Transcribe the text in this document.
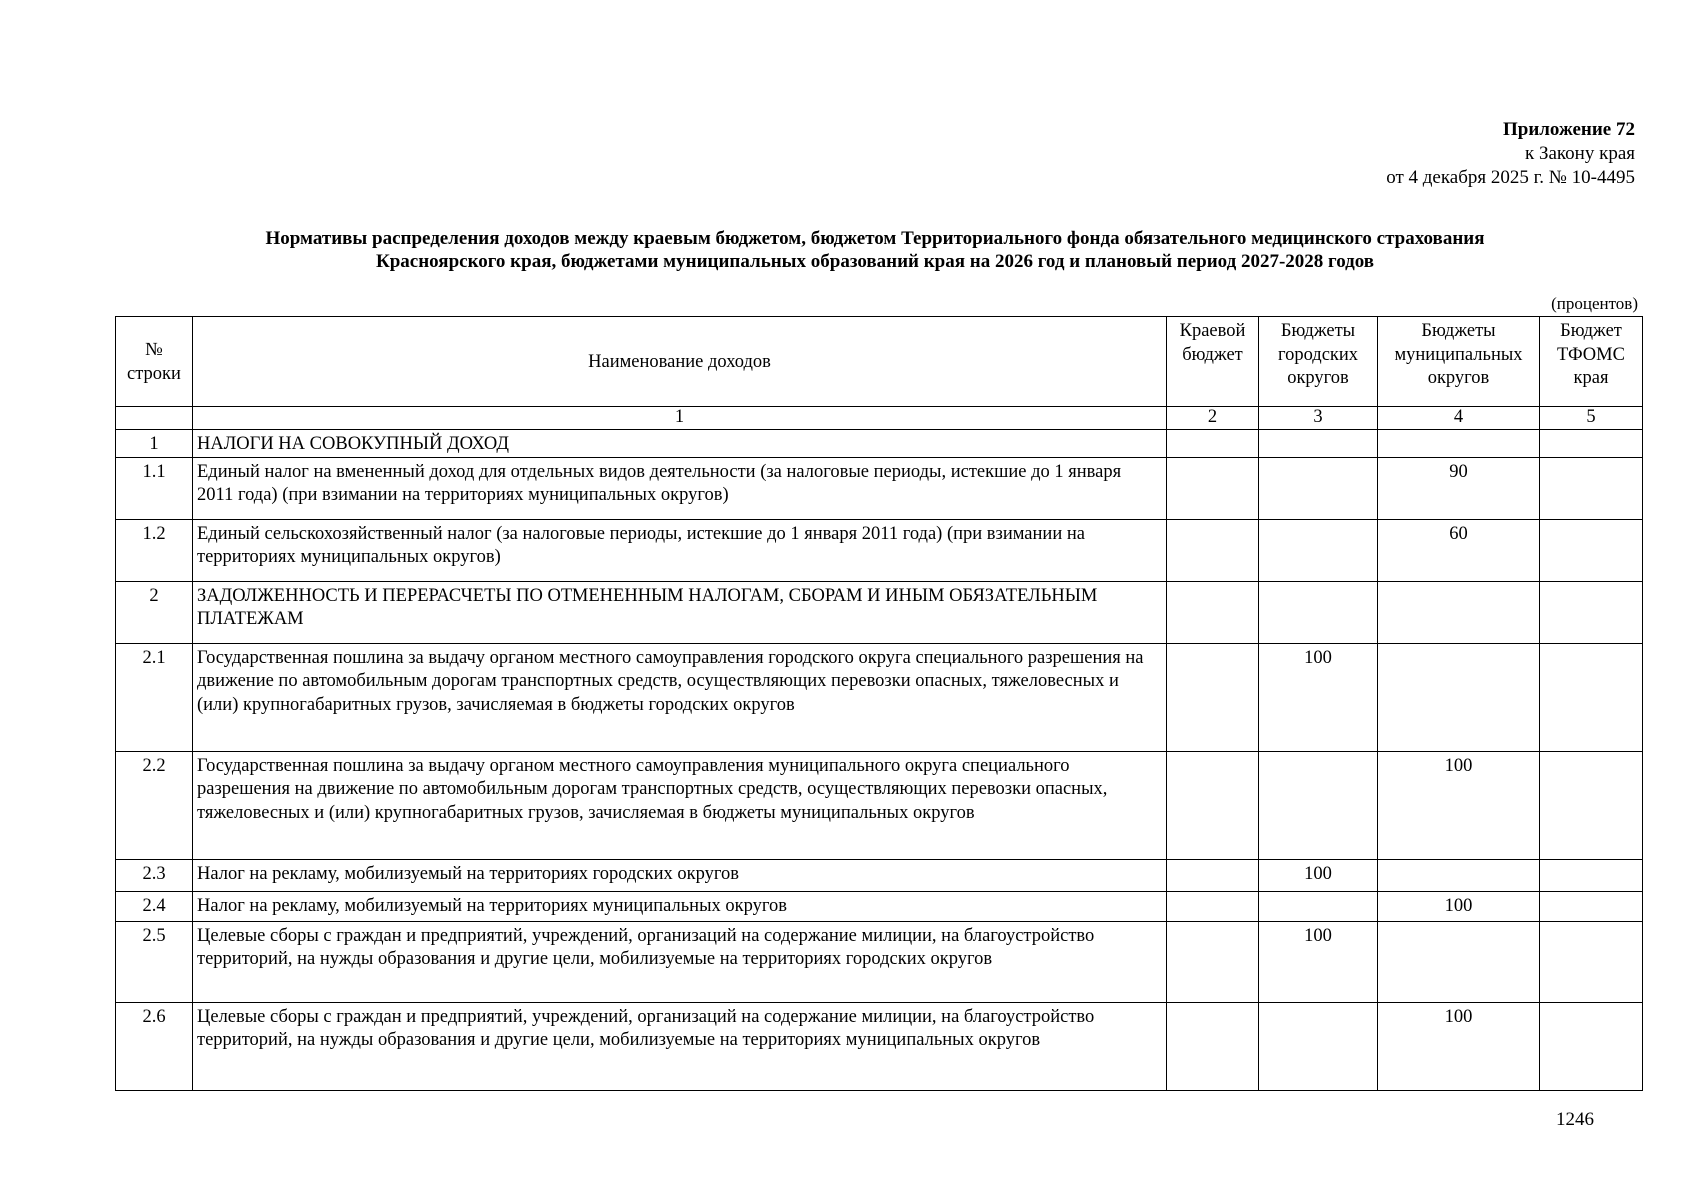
Приложение 72
к Закону края
от 4 декабря 2025 г. № 10-4495
Нормативы распределения доходов между краевым бюджетом, бюджетом Территориального фонда обязательного медицинского страхования
Красноярского края, бюджетами муниципальных образований края на 2026 год и плановый период 2027-2028 годов
(процентов)
№ строки	Наименование доходов	Краевой бюджет	Бюджеты городских округов	Бюджеты муниципальных округов	Бюджет ТФОМС края
	1	2	3	4	5
1	НАЛОГИ НА СОВОКУПНЫЙ ДОХОД				
1.1	Единый налог на вмененный доход для отдельных видов деятельности (за налоговые периоды, истекшие до 1 января 2011 года) (при взимании на территориях муниципальных округов)			90	
1.2	Единый сельскохозяйственный налог (за налоговые периоды, истекшие до 1 января 2011 года) (при взимании на территориях муниципальных округов)			60	
2	ЗАДОЛЖЕННОСТЬ И ПЕРЕРАСЧЕТЫ ПО ОТМЕНЕННЫМ НАЛОГАМ, СБОРАМ И ИНЫМ ОБЯЗАТЕЛЬНЫМ ПЛАТЕЖАМ				
2.1	Государственная пошлина за выдачу органом местного самоуправления городского округа специального разрешения на движение по автомобильным дорогам транспортных средств, осуществляющих перевозки опасных, тяжеловесных и (или) крупногабаритных грузов, зачисляемая в бюджеты городских округов		100		
2.2	Государственная пошлина за выдачу органом местного самоуправления муниципального округа специального разрешения на движение по автомобильным дорогам транспортных средств, осуществляющих перевозки опасных, тяжеловесных и (или) крупногабаритных грузов, зачисляемая в бюджеты муниципальных округов			100	
2.3	Налог на рекламу, мобилизуемый на территориях городских округов		100		
2.4	Налог на рекламу, мобилизуемый на территориях муниципальных округов			100	
2.5	Целевые сборы с граждан и предприятий, учреждений, организаций на содержание милиции, на благоустройство территорий, на нужды образования и другие цели, мобилизуемые на территориях городских округов		100		
2.6	Целевые сборы с граждан и предприятий, учреждений, организаций на содержание милиции, на благоустройство территорий, на нужды образования и другие цели, мобилизуемые на территориях муниципальных округов			100	
1246
